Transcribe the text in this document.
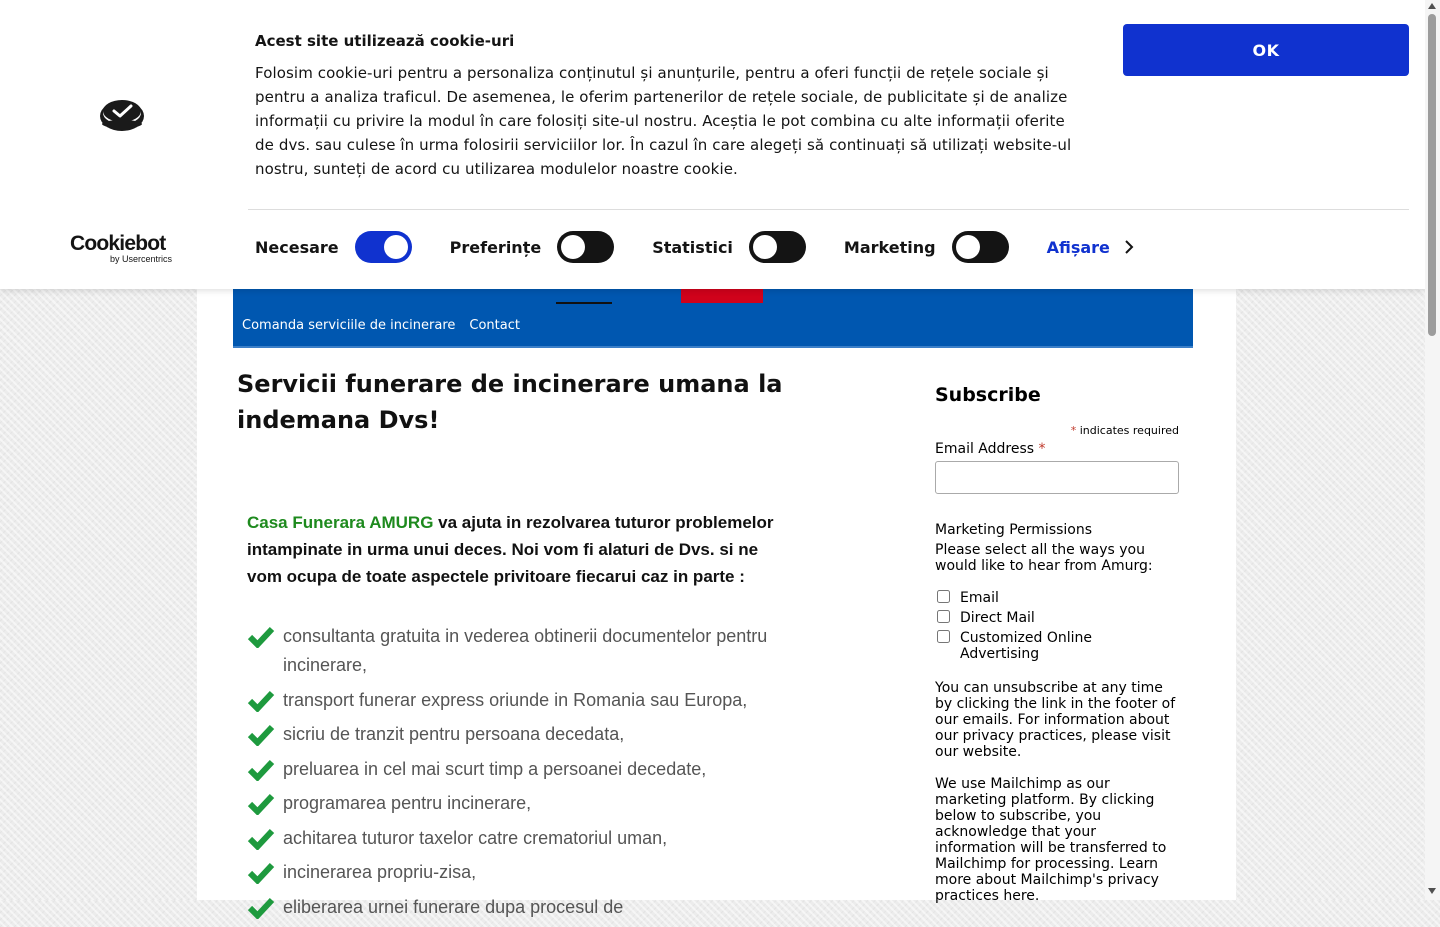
Comanda serviciile de incinerare Contact
Servicii funerare de incinerare umana la indemana Dvs!
Casa Funerara AMURG va ajuta in rezolvarea tuturor problemelor intampinate in urma unui deces. Noi vom fi alaturi de Dvs. si ne vom ocupa de toate aspectele privitoare fiecarui caz in parte :
consultanta gratuita in vederea obtinerii documentelor pentru incinerare,
transport funerar express oriunde in Romania sau Europa,
sicriu de tranzit pentru persoana decedata,
preluarea in cel mai scurt timp a persoanei decedate,
programarea pentru incinerare,
achitarea tuturor taxelor catre crematoriul uman,
incinerarea propriu-zisa,
eliberarea urnei funerare dupa procesul de
Subscribe
* indicates required
Email Address *
Marketing Permissions
Please select all the ways you would like to hear from Amurg:
Email
Direct Mail
Customized Online Advertising
You can unsubscribe at any time by clicking the link in the footer of our emails. For information about our privacy practices, please visit our website.
We use Mailchimp as our marketing platform. By clicking below to subscribe, you acknowledge that your information will be transferred to Mailchimp for processing. Learn more about Mailchimp's privacy practices here.
Cookiebot
by Usercentrics
Acest site utilizează cookie-uri
Folosim cookie-uri pentru a personaliza conținutul și anunțurile, pentru a oferi funcții de rețele sociale și pentru a analiza traficul. De asemenea, le oferim partenerilor de rețele sociale, de publicitate și de analize informații cu privire la modul în care folosiți site-ul nostru. Aceștia le pot combina cu alte informații oferite de dvs. sau culese în urma folosirii serviciilor lor. În cazul în care alegeți să continuați să utilizați website-ul nostru, sunteți de acord cu utilizarea modulelor noastre cookie.
OK
Necesare	Preferințe	Statistici	Marketing	Afișare
